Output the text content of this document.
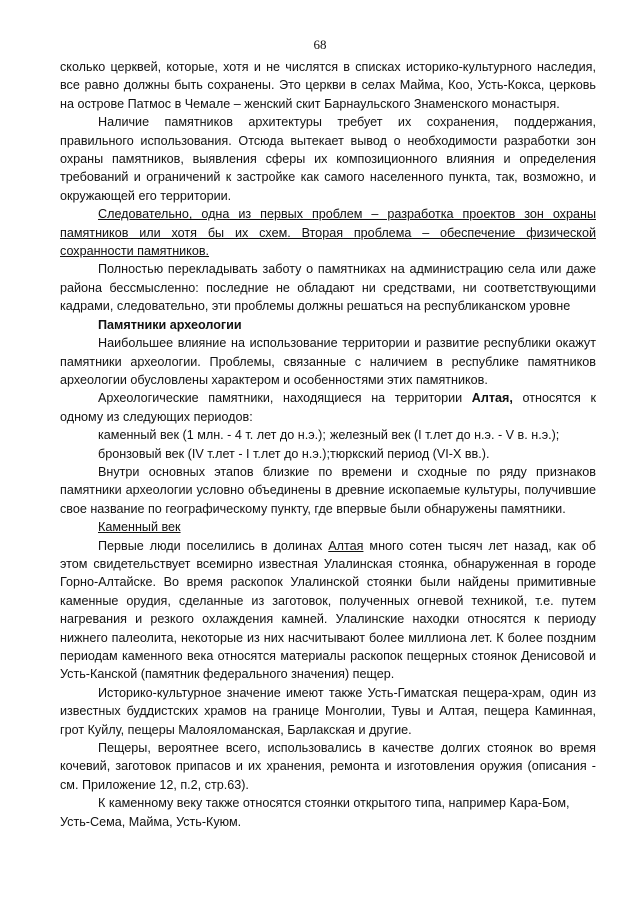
68

сколько церквей, которые, хотя и не числятся в списках историко-культурного наследия, все равно должны быть сохранены. Это церкви в селах Майма, Коо, Усть-Кокса, церковь на острове Патмос в Чемале – женский скит Барнаульского Знаменского монастыря.

Наличие памятников архитектуры требует их сохранения, поддержания, правильного использования. Отсюда вытекает вывод о необходимости разработки зон охраны памятников, выявления сферы их композиционного влияния и определения требований и ограничений к застройке как самого населенного пункта, так, возможно, и окружающей его территории.

Следовательно, одна из первых проблем – разработка проектов зон охраны памятников или хотя бы их схем. Вторая проблема – обеспечение физической сохранности памятников.

Полностью перекладывать заботу о памятниках на администрацию села или даже района бессмысленно: последние не обладают ни средствами, ни соответствующими кадрами, следовательно, эти проблемы должны решаться на республиканском уровне

Памятники археологии

Наибольшее влияние на использование территории и развитие республики окажут памятники археологии. Проблемы, связанные с наличием в республике памятников археологии обусловлены характером и особенностями этих памятников.

Археологические памятники, находящиеся на территории Алтая, относятся к одному из следующих периодов:

каменный век (1 млн. - 4 т. лет до н.э.); железный век (I т.лет до н.э. - V в. н.э.);
бронзовый век (IV т.лет - I т.лет до н.э.); тюркский период (VI-X вв.).

Внутри основных этапов близкие по времени и сходные по ряду признаков памятники археологии условно объединены в древние ископаемые культуры, получившие свое название по географическому пункту, где впервые были обнаружены памятники.

Каменный век

Первые люди поселились в долинах Алтая много сотен тысяч лет назад, как об этом свидетельствует всемирно известная Улалинская стоянка, обнаруженная в городе Горно-Алтайске. Во время раскопок Улалинской стоянки были найдены примитивные каменные орудия, сделанные из заготовок, полученных огневой техникой, т.е. путем нагревания и резкого охлаждения камней. Улалинские находки относятся к периоду нижнего палеолита, некоторые из них насчитывают более миллиона лет. К более поздним периодам каменного века относятся материалы раскопок пещерных стоянок Денисовой и Усть-Канской (памятник федерального значения) пещер.

Историко-культурное значение имеют также Усть-Гиматская пещера-храм, один из известных буддистских храмов на границе Монголии, Тувы и Алтая, пещера Каминная, грот Куйлу, пещеры Малояломанская, Барлакская и другие.

Пещеры, вероятнее всего, использовались в качестве долгих стоянок во время кочевий, заготовок припасов и их хранения, ремонта и изготовления оружия (описания - см. Приложение 12, п.2, стр.63).

К каменному веку также относятся стоянки открытого типа, например Кара-Бом, Усть-Сема, Майма, Усть-Куюм.
